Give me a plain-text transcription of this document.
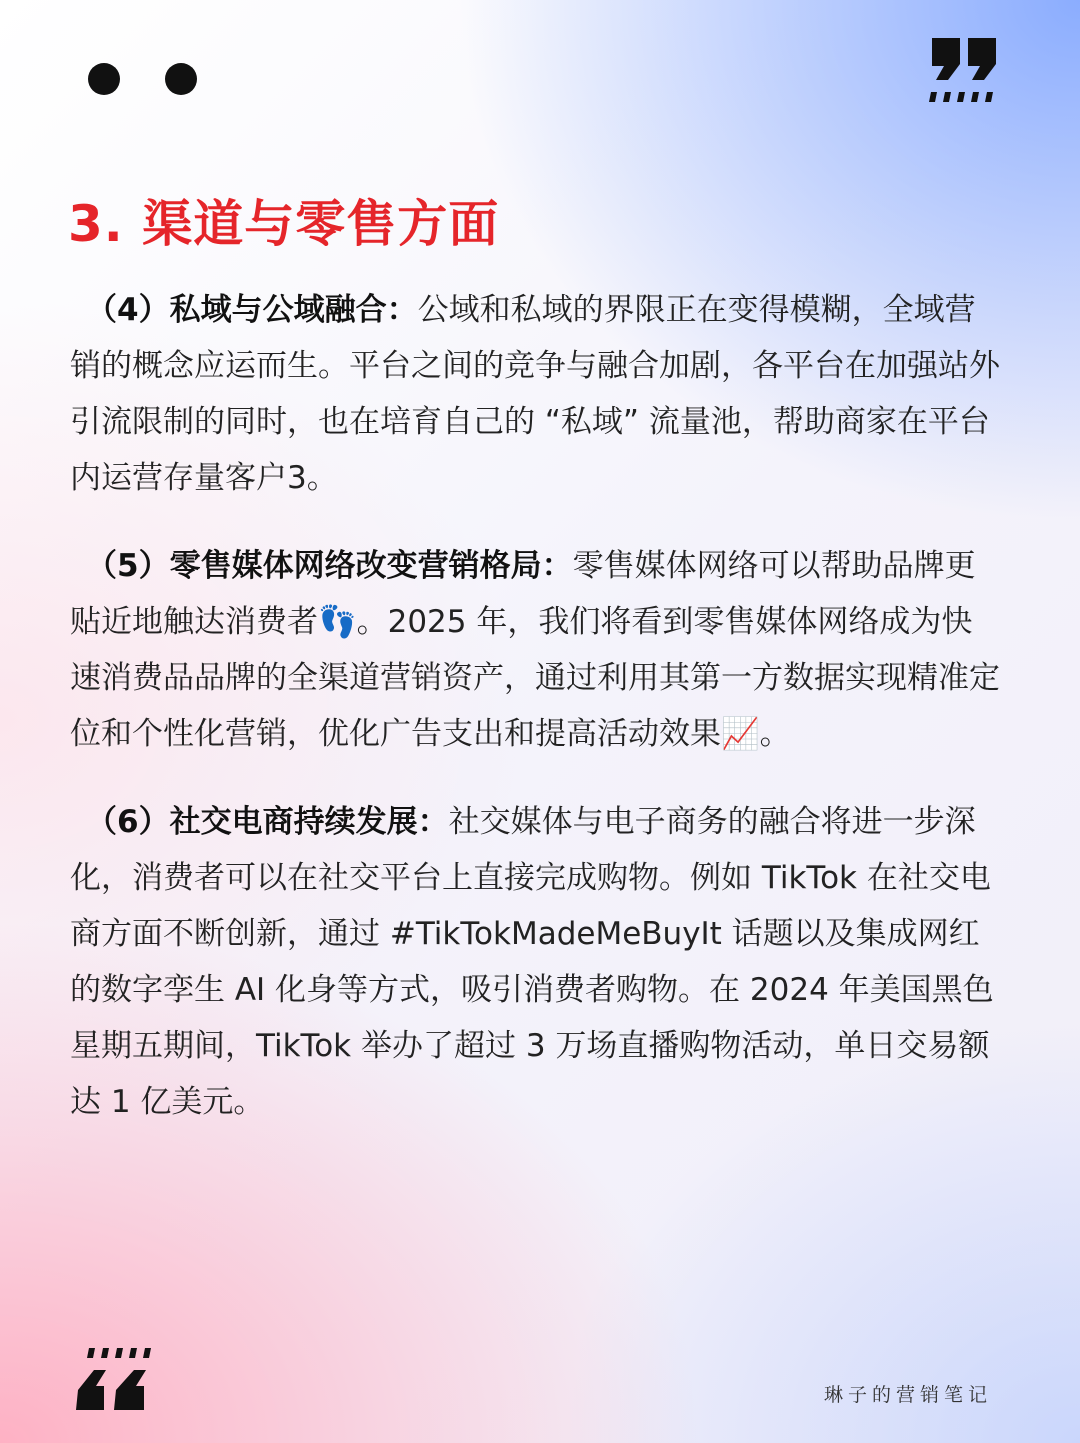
3. 渠道与零售方面

（4）私域与公域融合：公域和私域的界限正在变得模糊，全域营销的概念应运而生。平台之间的竞争与融合加剧，各平台在加强站外引流限制的同时，也在培育自己的 “私域” 流量池，帮助商家在平台内运营存量客户3。

（5）零售媒体网络改变营销格局：零售媒体网络可以帮助品牌更贴近地触达消费者👣。2025 年，我们将看到零售媒体网络成为快速消费品品牌的全渠道营销资产，通过利用其第一方数据实现精准定位和个性化营销，优化广告支出和提高活动效果📈。

（6）社交电商持续发展：社交媒体与电子商务的融合将进一步深化，消费者可以在社交平台上直接完成购物。例如 TikTok 在社交电商方面不断创新，通过 #TikTokMadeMeBuyIt 话题以及集成网红的数字孪生 AI 化身等方式，吸引消费者购物。在 2024 年美国黑色星期五期间，TikTok 举办了超过 3 万场直播购物活动，单日交易额达 1 亿美元。

琳子的营销笔记
